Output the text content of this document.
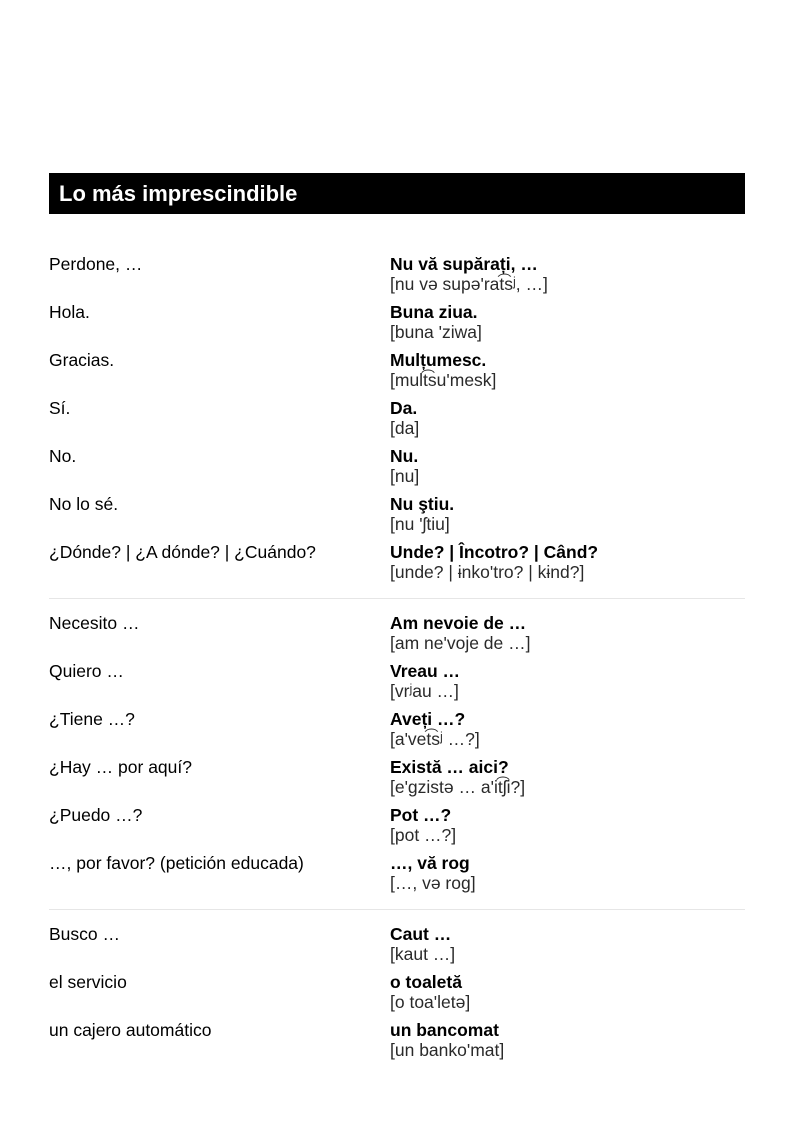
Lo más imprescindible
Perdone, …	Nu vă supărați, …
[nu və supə'rat͡sʲ, …]
Hola.	Buna ziua.
[buna 'ziwa]
Gracias.	Mulțumesc.
[mult͡su'mesk]
Sí.	Da.
[da]
No.	Nu.
[nu]
No lo sé.	Nu ştiu.
[nu 'ʃtiu]
¿Dónde? | ¿A dónde? | ¿Cuándo?	Unde? | Încotro? | Când?
[unde? | ɨnko'tro? | kɨnd?]
Necesito …	Am nevoie de …
[am ne'voje de …]
Quiero …	Vreau …
[vrʲau …]
¿Tiene …?	Aveți …?
[a'vet͡sʲ …?]
¿Hay … por aquí?	Există … aici?
[e'gzistə … a'it͡ʃi?]
¿Puedo …?	Pot …?
[pot …?]
…, por favor? (petición educada)	…, vă rog
[…, və rog]
Busco …	Caut …
[kaut …]
el servicio	o toaletă
[o toa'letə]
un cajero automático	un bancomat
[un banko'mat]
